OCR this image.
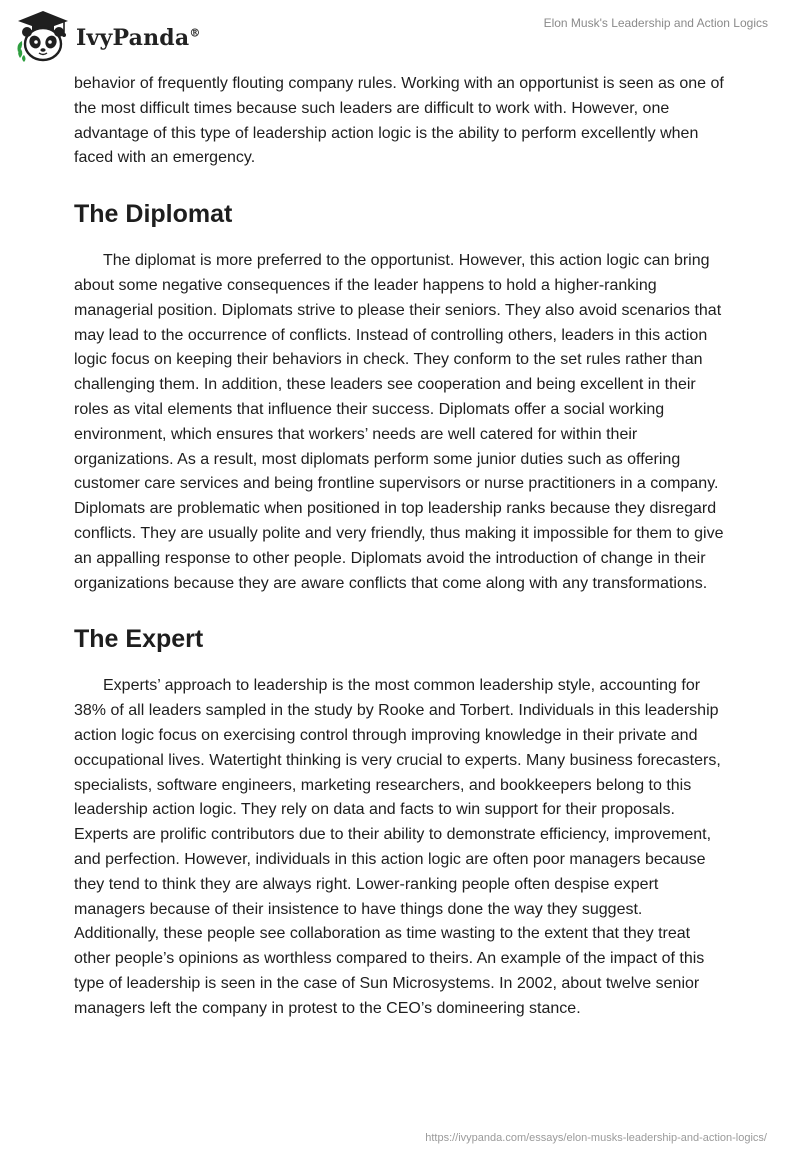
IvyPanda®
Elon Musk's Leadership and Action Logics

behavior of frequently flouting company rules. Working with an opportunist is seen as one of the most difficult times because such leaders are difficult to work with. However, one advantage of this type of leadership action logic is the ability to perform excellently when faced with an emergency.

The Diplomat

The diplomat is more preferred to the opportunist. However, this action logic can bring about some negative consequences if the leader happens to hold a higher-ranking managerial position. Diplomats strive to please their seniors. They also avoid scenarios that may lead to the occurrence of conflicts. Instead of controlling others, leaders in this action logic focus on keeping their behaviors in check. They conform to the set rules rather than challenging them. In addition, these leaders see cooperation and being excellent in their roles as vital elements that influence their success. Diplomats offer a social working environment, which ensures that workers’ needs are well catered for within their organizations. As a result, most diplomats perform some junior duties such as offering customer care services and being frontline supervisors or nurse practitioners in a company. Diplomats are problematic when positioned in top leadership ranks because they disregard conflicts. They are usually polite and very friendly, thus making it impossible for them to give an appalling response to other people. Diplomats avoid the introduction of change in their organizations because they are aware conflicts that come along with any transformations.

The Expert

Experts’ approach to leadership is the most common leadership style, accounting for 38% of all leaders sampled in the study by Rooke and Torbert. Individuals in this leadership action logic focus on exercising control through improving knowledge in their private and occupational lives. Watertight thinking is very crucial to experts. Many business forecasters, specialists, software engineers, marketing researchers, and bookkeepers belong to this leadership action logic. They rely on data and facts to win support for their proposals. Experts are prolific contributors due to their ability to demonstrate efficiency, improvement, and perfection. However, individuals in this action logic are often poor managers because they tend to think they are always right. Lower-ranking people often despise expert managers because of their insistence to have things done the way they suggest. Additionally, these people see collaboration as time wasting to the extent that they treat other people’s opinions as worthless compared to theirs. An example of the impact of this type of leadership is seen in the case of Sun Microsystems. In 2002, about twelve senior managers left the company in protest to the CEO’s domineering stance.

https://ivypanda.com/essays/elon-musks-leadership-and-action-logics/
